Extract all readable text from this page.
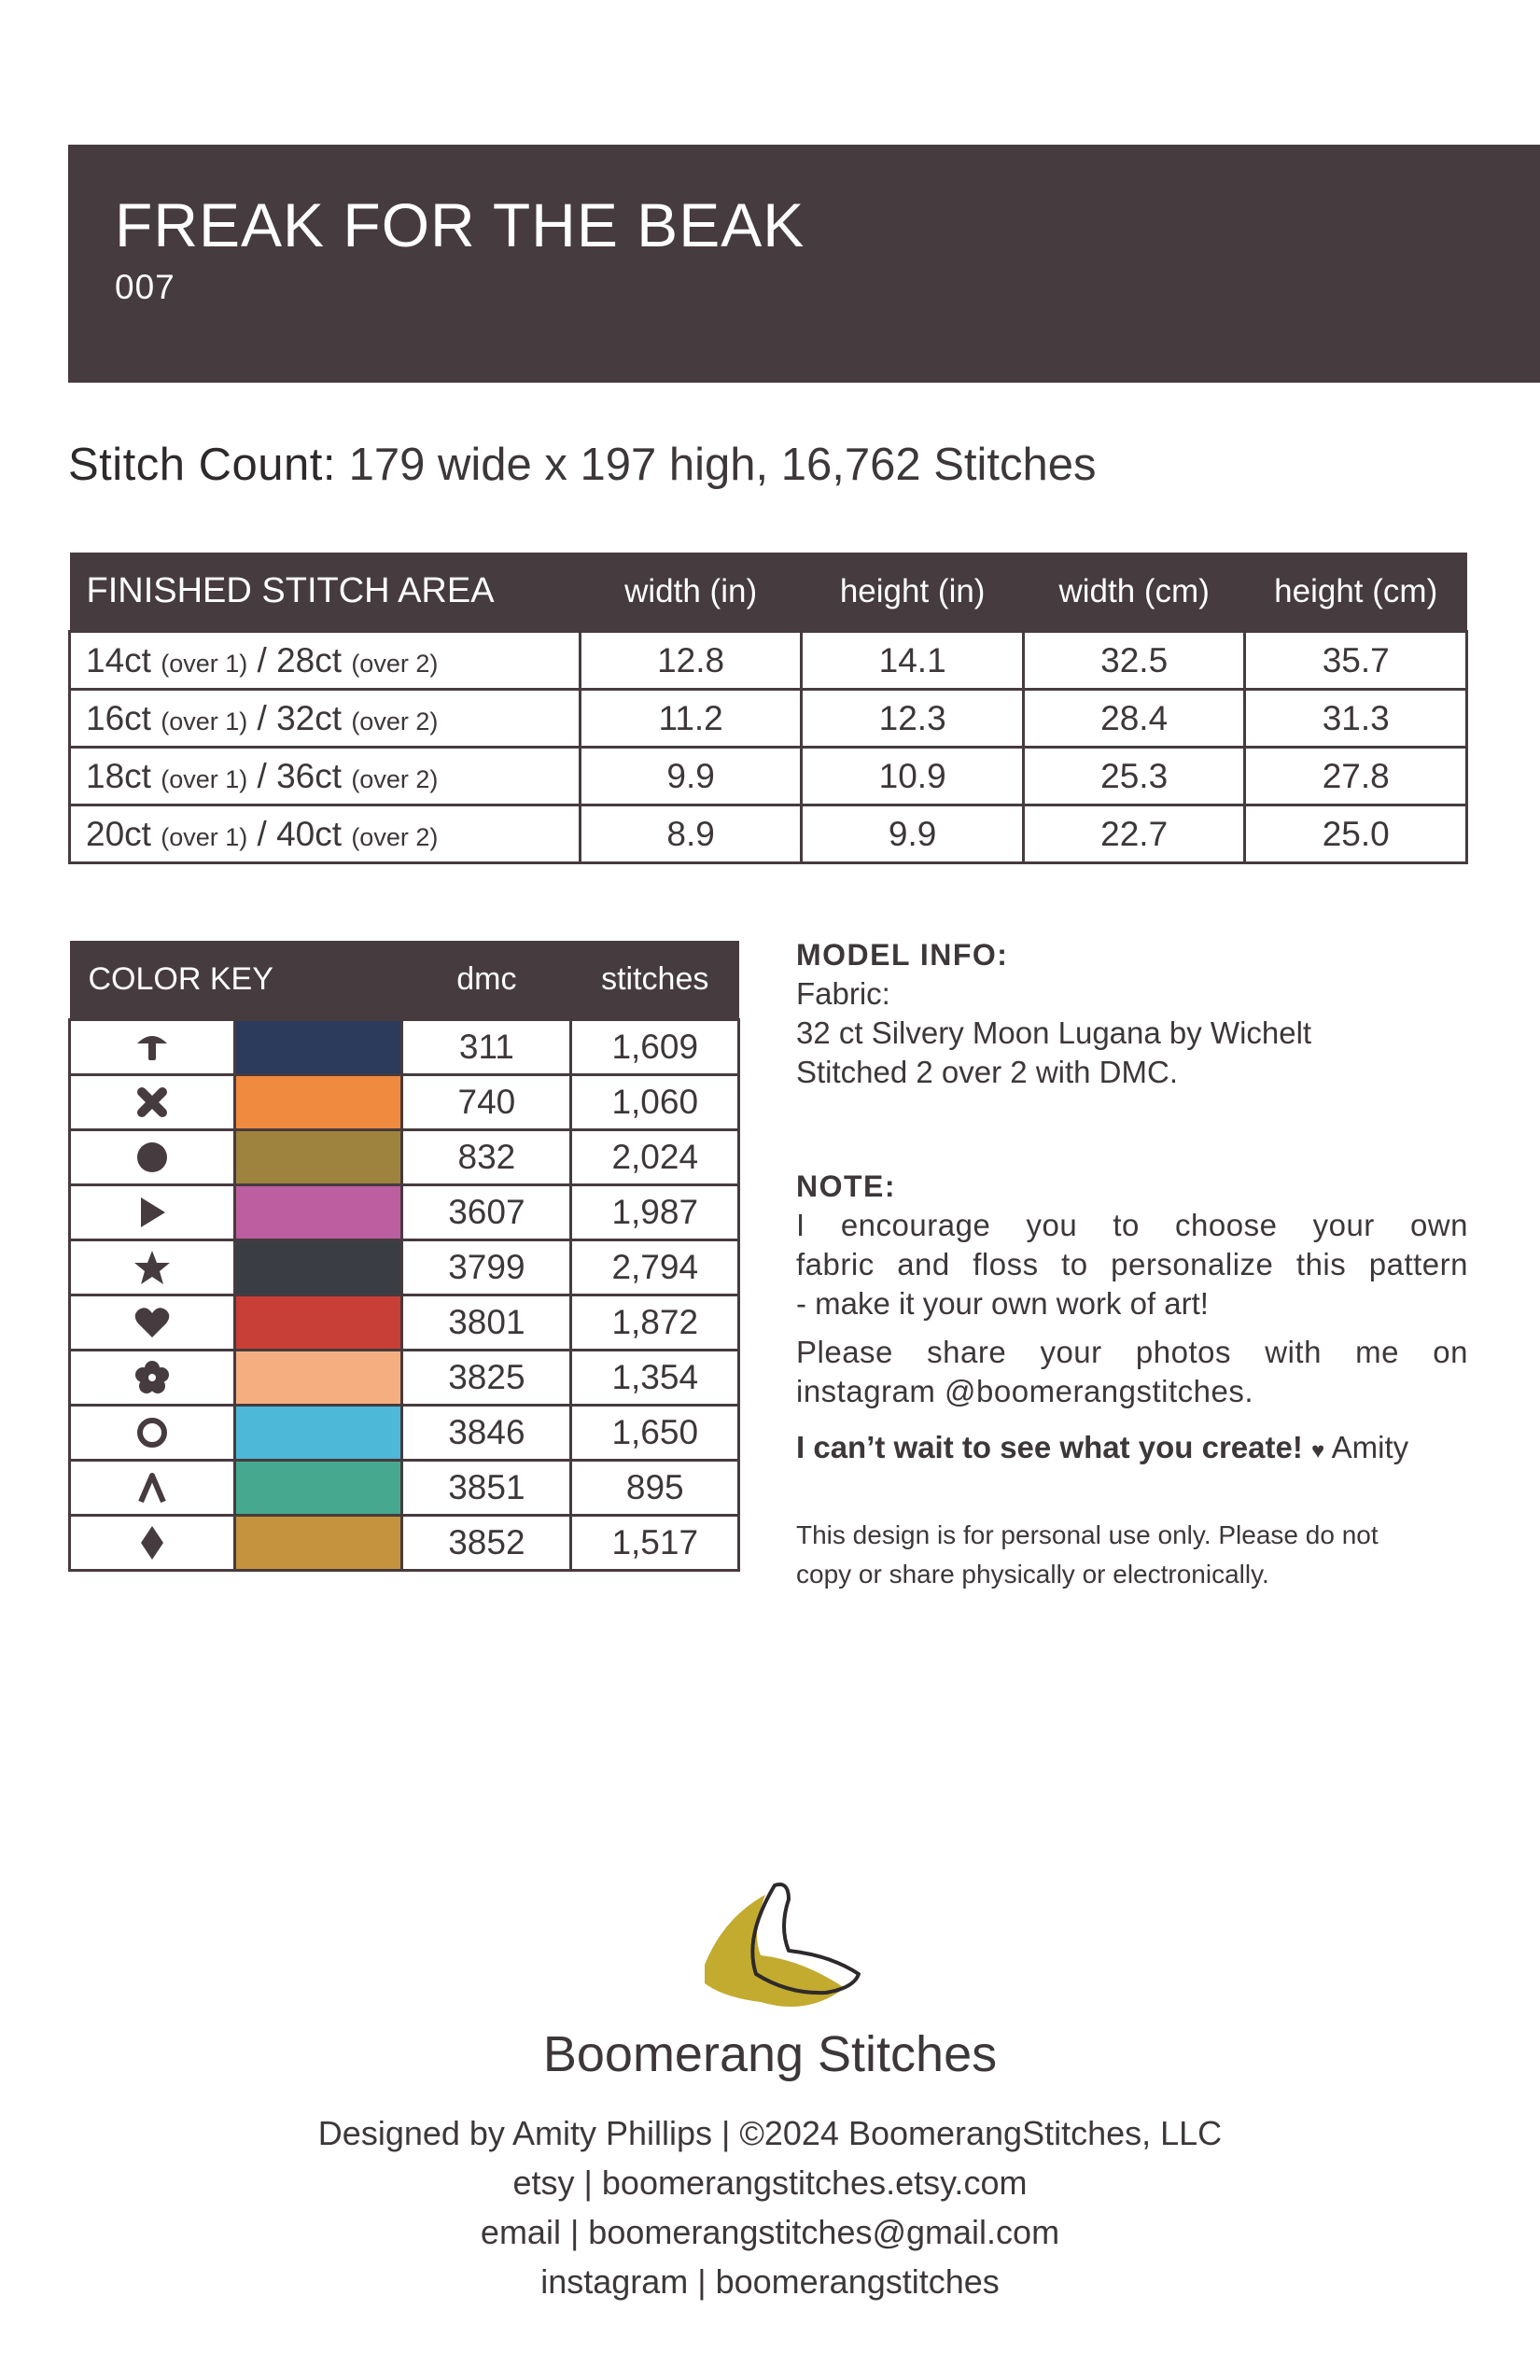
FREAK FOR THE BEAK
007
Stitch Count: 179 wide x 197 high, 16,762 Stitches
FINISHED STITCH AREA	width (in)	height (in)	width (cm)	height (cm)
14ct (over 1) / 28ct (over 2)	12.8	14.1	32.5	35.7
16ct (over 1) / 32ct (over 2)	11.2	12.3	28.4	31.3
18ct (over 1) / 36ct (over 2)	9.9	10.9	25.3	27.8
20ct (over 1) / 40ct (over 2)	8.9	9.9	22.7	25.0
COLOR KEY		dmc	stitches

	311	1,609

	740	1,060

	832	2,024

	3607	1,987

	3799	2,794

	3801	1,872

	3825	1,354

	3846	1,650

	3851	895

	3852	1,517

MODEL INFO:

Fabric:

32 ct Silvery Moon Lugana by Wichelt

Stitched 2 over 2 with DMC.

NOTE:

I encourage you to choose your own

fabric and floss to personalize this pattern

- make it your own work of art!

Please share your photos with me on

instagram @boomerangstitches.

I can’t wait to see what you create! ♥ Amity

This design is for personal use only. Please do not

copy or share physically or electronically.

Boomerang Stitches
Designed by Amity Phillips | ©2024 BoomerangStitches, LLC
etsy | boomerangstitches.etsy.com
email | boomerangstitches@gmail.com
instagram | boomerangstitches
